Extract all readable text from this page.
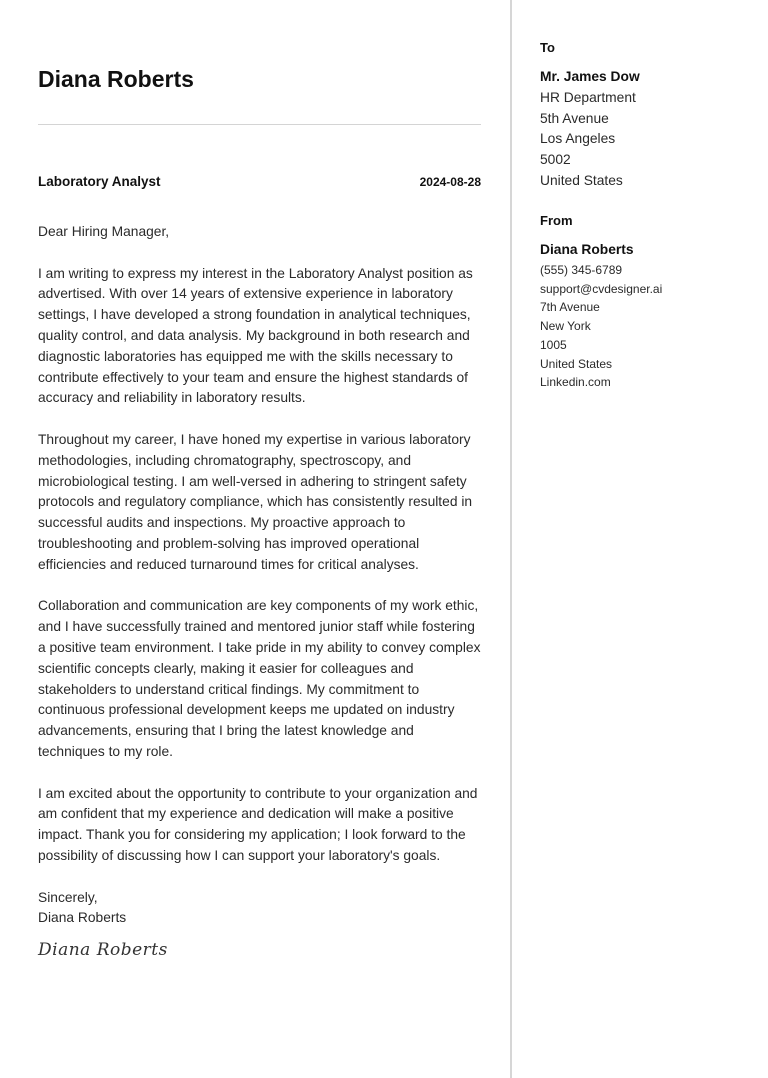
Diana Roberts
Laboratory Analyst	2024-08-28

Dear Hiring Manager,

I am writing to express my interest in the Laboratory Analyst position as advertised. With over 14 years of extensive experience in laboratory settings, I have developed a strong foundation in analytical techniques, quality control, and data analysis. My background in both research and diagnostic laboratories has equipped me with the skills necessary to contribute effectively to your team and ensure the highest standards of accuracy and reliability in laboratory results.

Throughout my career, I have honed my expertise in various laboratory methodologies, including chromatography, spectroscopy, and microbiological testing. I am well-versed in adhering to stringent safety protocols and regulatory compliance, which has consistently resulted in successful audits and inspections. My proactive approach to troubleshooting and problem-solving has improved operational efficiencies and reduced turnaround times for critical analyses.

Collaboration and communication are key components of my work ethic, and I have successfully trained and mentored junior staff while fostering a positive team environment. I take pride in my ability to convey complex scientific concepts clearly, making it easier for colleagues and stakeholders to understand critical findings. My commitment to continuous professional development keeps me updated on industry advancements, ensuring that I bring the latest knowledge and techniques to my role.

I am excited about the opportunity to contribute to your organization and am confident that my experience and dedication will make a positive impact. Thank you for considering my application; I look forward to the possibility of discussing how I can support your laboratory's goals.

Sincerely,

Diana Roberts

Diana Roberts
To
Mr. James Dow
HR Department
5th Avenue
Los Angeles
5002
United States
From
Diana Roberts
(555) 345-6789
support@cvdesigner.ai
7th Avenue
New York
1005
United States
Linkedin.com
